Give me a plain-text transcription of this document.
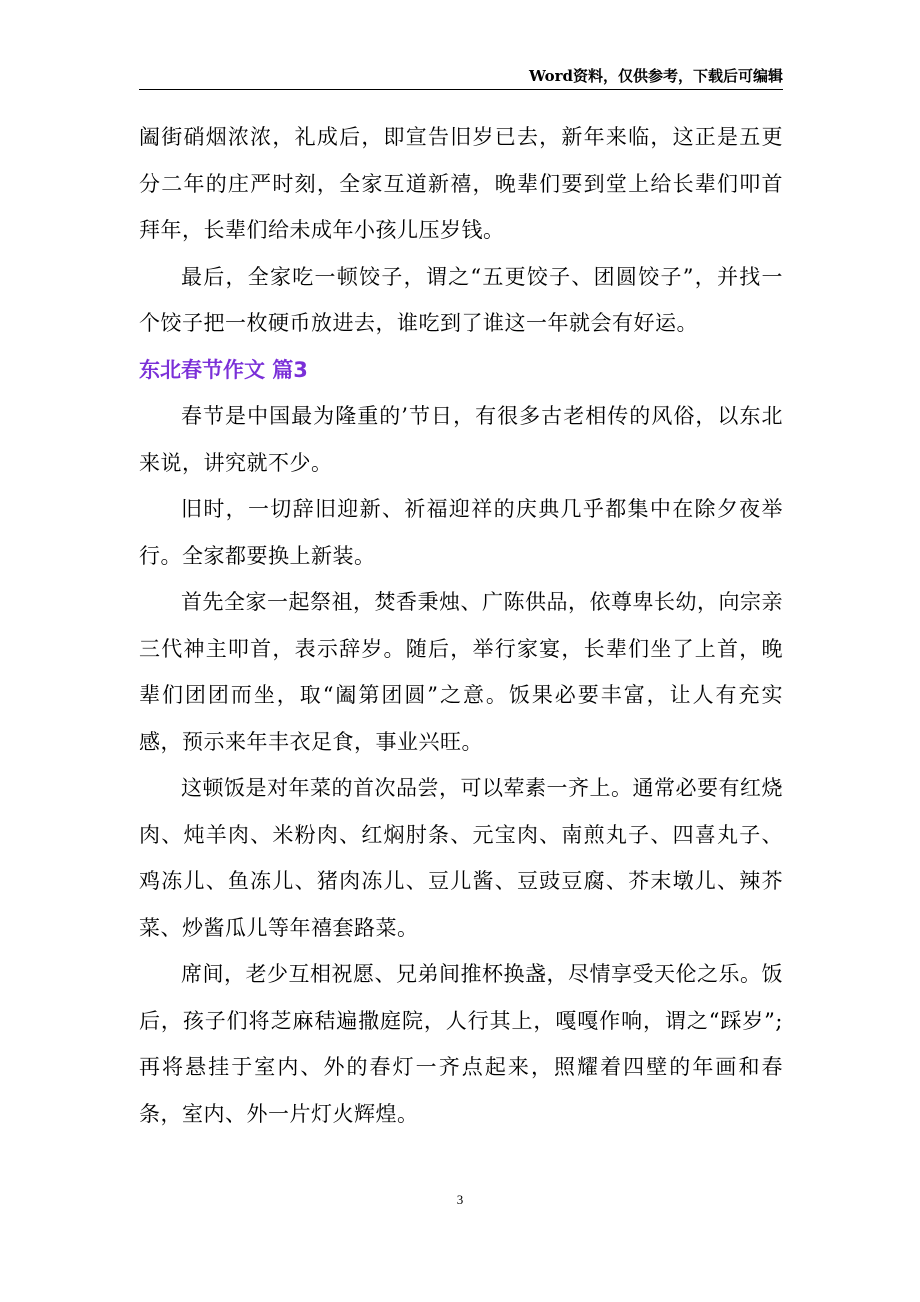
Word资料，仅供参考，下载后可编辑

阖街硝烟浓浓，礼成后，即宣告旧岁已去，新年来临，这正是五更分二年的庄严时刻，全家互道新禧，晚辈们要到堂上给长辈们叩首拜年，长辈们给未成年小孩儿压岁钱。

最后，全家吃一顿饺子，谓之“五更饺子、团圆饺子”，并找一个饺子把一枚硬币放进去，谁吃到了谁这一年就会有好运。

东北春节作文 篇3

春节是中国最为隆重的’节日，有很多古老相传的风俗，以东北来说，讲究就不少。

旧时，一切辞旧迎新、祈福迎祥的庆典几乎都集中在除夕夜举行。全家都要换上新装。

首先全家一起祭祖，焚香秉烛、广陈供品，依尊卑长幼，向宗亲三代神主叩首，表示辞岁。随后，举行家宴，长辈们坐了上首，晚辈们团团而坐，取“阖第团圆”之意。饭果必要丰富，让人有充实感，预示来年丰衣足食，事业兴旺。

这顿饭是对年菜的首次品尝，可以荤素一齐上。通常必要有红烧肉、炖羊肉、米粉肉、红焖肘条、元宝肉、南煎丸子、四喜丸子、鸡冻儿、鱼冻儿、猪肉冻儿、豆儿酱、豆豉豆腐、芥末墩儿、辣芥菜、炒酱瓜儿等年禧套路菜。

席间，老少互相祝愿、兄弟间推杯换盏，尽情享受天伦之乐。饭后，孩子们将芝麻秸遍撒庭院，人行其上，嘎嘎作响，谓之“踩岁”;再将悬挂于室内、外的春灯一齐点起来，照耀着四壁的年画和春条，室内、外一片灯火辉煌。

3
